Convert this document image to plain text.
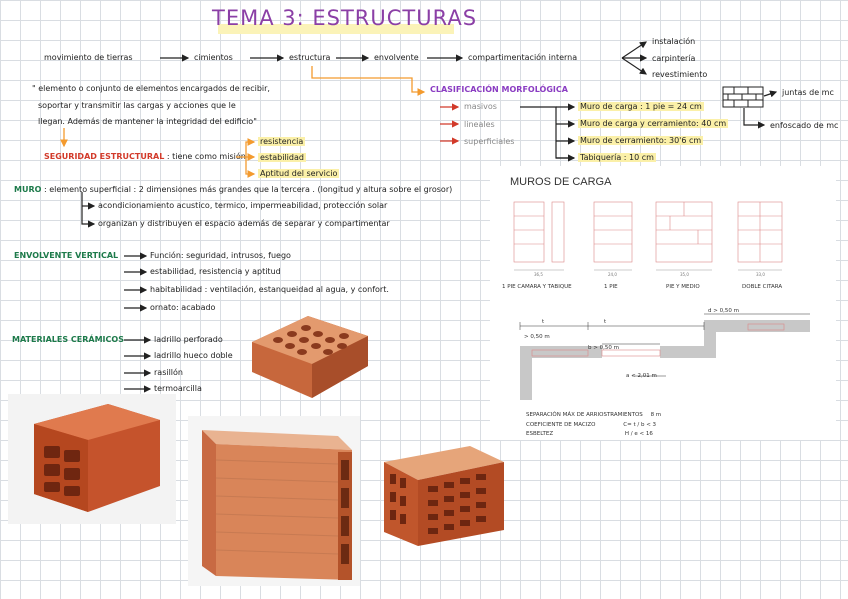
TEMA 3: ESTRUCTURAS
movimiento de tierras	cimientos	estructura	envolvente	compartimentación interna
instalación
carpintería
revestimiento
" elemento o conjunto de elementos encargados de recibir,
soportar y transmitir las cargas y acciones que le
llegan. Además de mantener la integridad del edificio"
SEGURIDAD ESTRUCTURAL : tiene como misión
resistencia
estabilidad
Aptitud del servicio
CLASIFICACIÓN MORFOLÓGICA
masivos
lineales
superficiales
Muro de carga : 1 pie = 24 cm
Muro de carga y cerramiento: 40 cm
Muro de cerramiento: 30'6 cm
Tabiquería : 10 cm
juntas de mc
enfoscado de mc
MURO : elemento superficial : 2 dimensiones más grandes que la tercera . (longitud y altura sobre el grosor)
acondicionamiento acustico, termico, impermeabilidad, protección solar
organizan y distribuyen el espacio además de separar y compartimentar
ENVOLVENTE VERTICAL	Función: seguridad, intrusos, fuego
estabilidad, resistencia y aptitud
habitabilidad : ventilación, estanqueidad al agua, y confort.
ornato: acabado
MATERIALES CERÁMICOS	ladrillo perforado
ladrillo hueco doble
rasillón
termoarcilla
MUROS DE CARGA
36,5	24,0	35,0	33,0
1 PIE CAMARA Y TABIQUE	1 PIE	PIE Y MEDIO	DOBLE CITARA
t	t
d > 0,50 m
> 0,50 m
b > 0,50 m
a < 2,01 m
SEPARACIÓN MÁX DE ARRIOSTRAMIENTOS 8 m
COEFICIENTE DE MACIZO	C= t / b < 3
ESBELTEZ	H / e < 16
